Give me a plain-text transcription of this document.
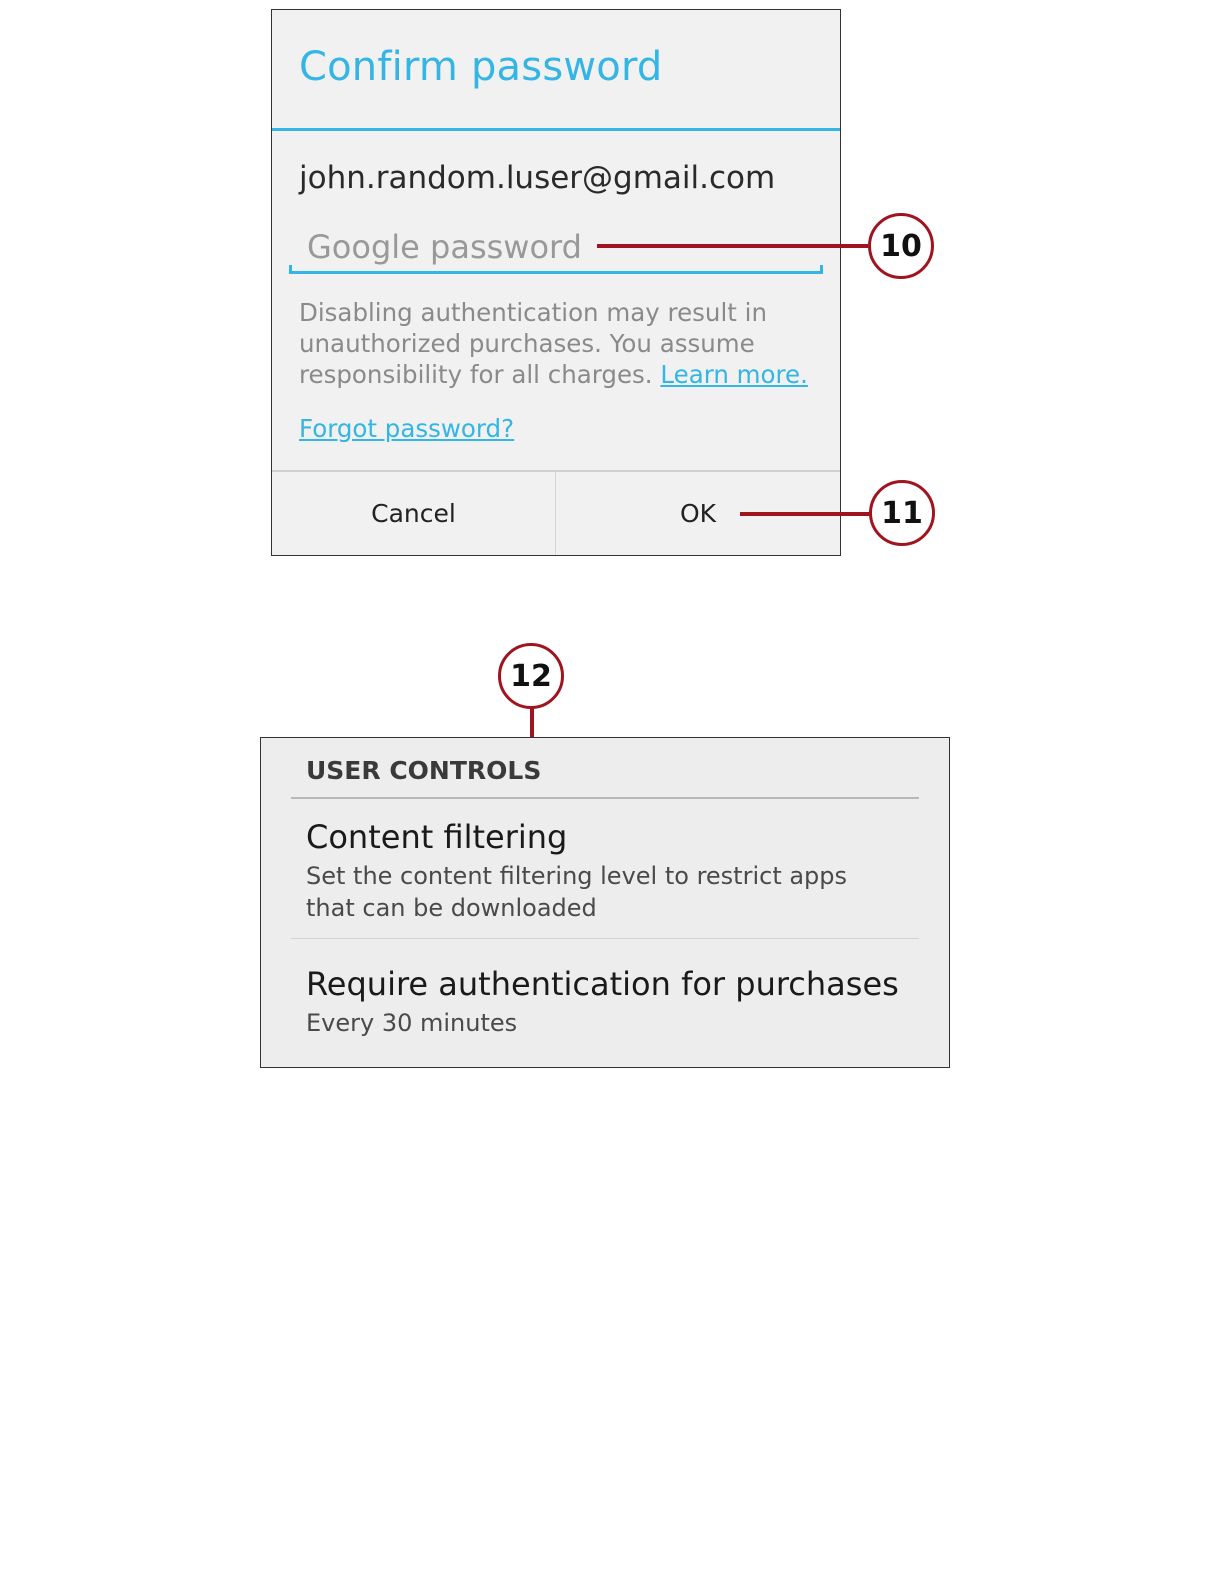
Confirm password
john.random.luser@gmail.com
Google password
Disabling authentication may result in unauthorized purchases. You assume responsibility for all charges. Learn more.
Forgot password?
Cancel	OK
10
11
12
USER CONTROLS
Content filtering
Set the content filtering level to restrict apps that can be downloaded
Require authentication for purchases
Every 30 minutes
